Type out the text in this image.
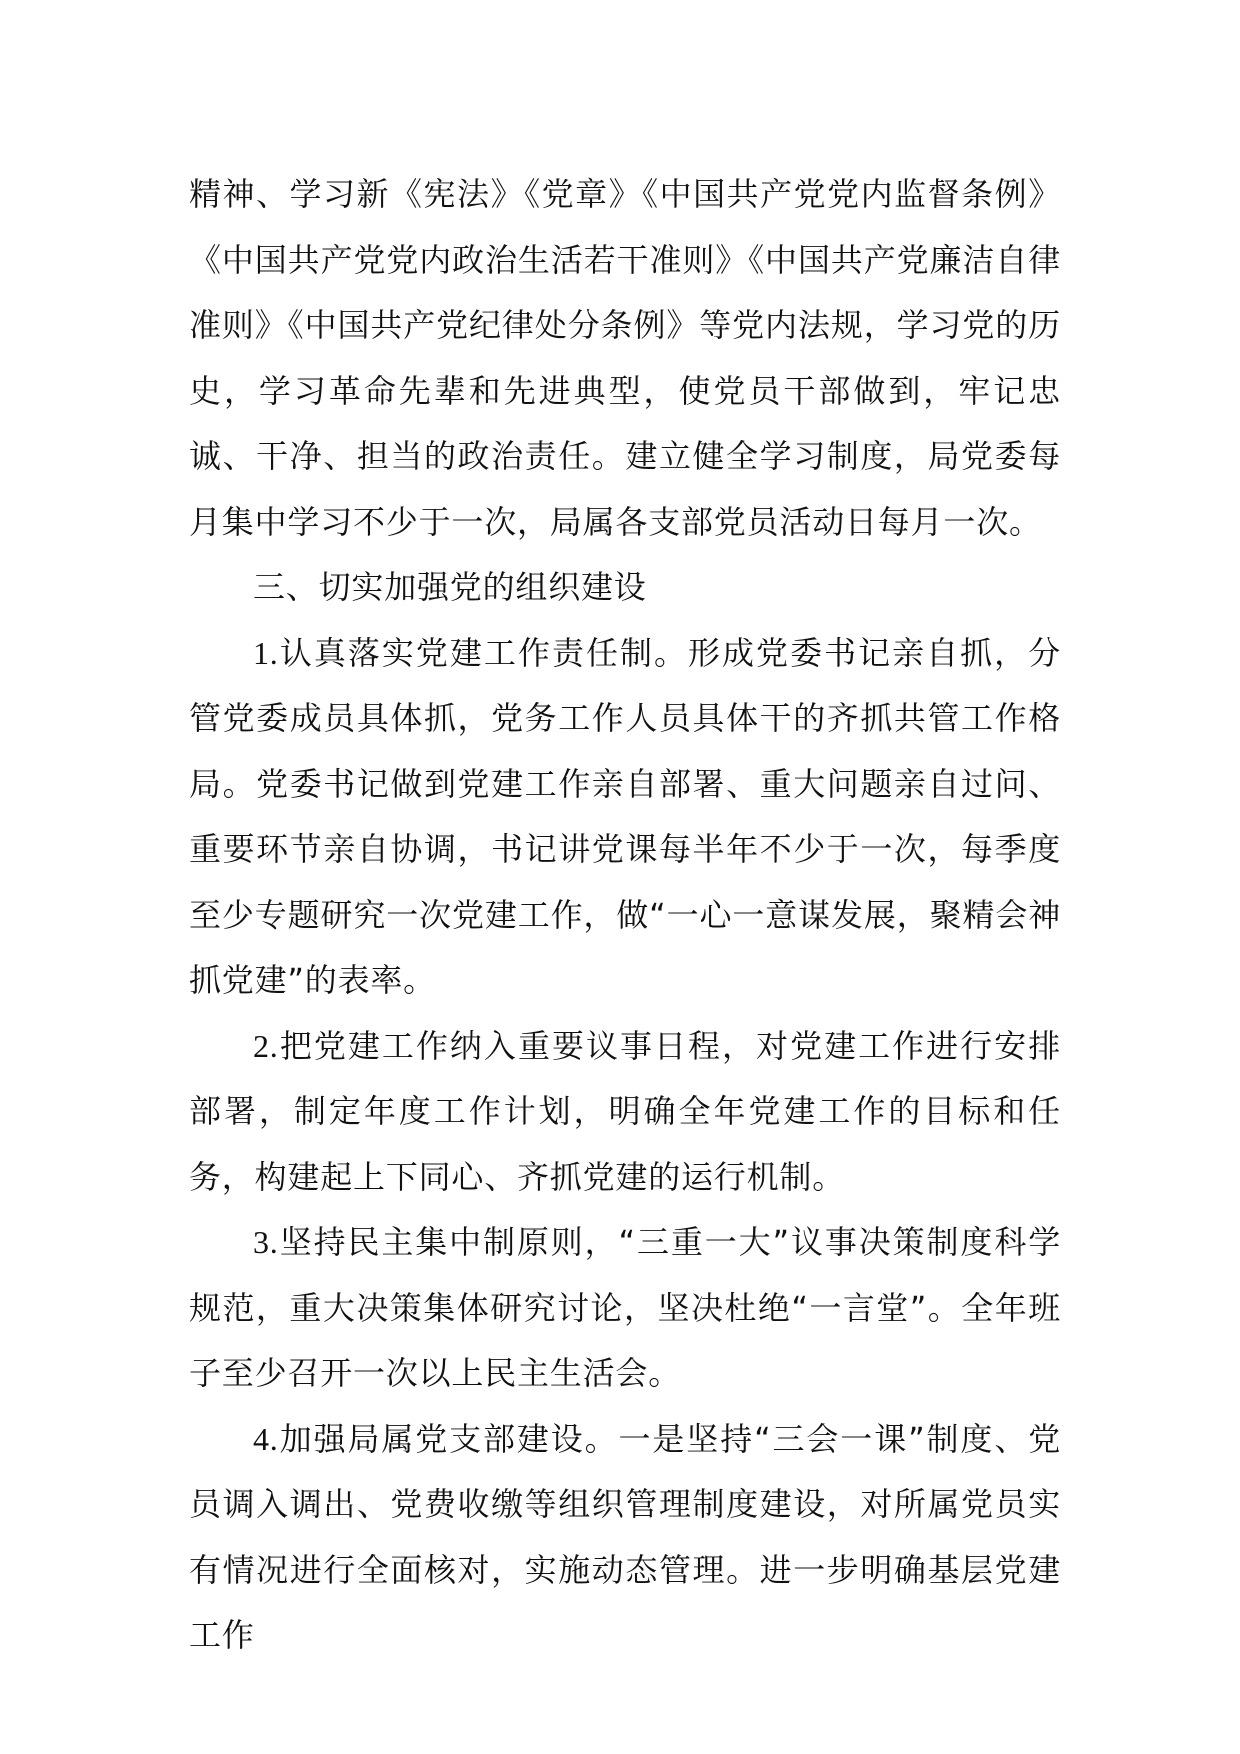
精神、学习新《宪法》《党章》《中国共产党党内监督条例》《中国共产党党内政治生活若干准则》《中国共产党廉洁自律准则》《中国共产党纪律处分条例》等党内法规，学习党的历史，学习革命先辈和先进典型，使党员干部做到，牢记忠诚、干净、担当的政治责任。建立健全学习制度，局党委每月集中学习不少于一次，局属各支部党员活动日每月一次。

三、切实加强党的组织建设

1.认真落实党建工作责任制。形成党委书记亲自抓，分管党委成员具体抓，党务工作人员具体干的齐抓共管工作格局。党委书记做到党建工作亲自部署、重大问题亲自过问、重要环节亲自协调，书记讲党课每半年不少于一次，每季度至少专题研究一次党建工作，做“一心一意谋发展，聚精会神抓党建”的表率。

2.把党建工作纳入重要议事日程，对党建工作进行安排部署，制定年度工作计划，明确全年党建工作的目标和任务，构建起上下同心、齐抓党建的运行机制。

3.坚持民主集中制原则，“三重一大”议事决策制度科学规范，重大决策集体研究讨论，坚决杜绝“一言堂”。全年班子至少召开一次以上民主生活会。

4.加强局属党支部建设。一是坚持“三会一课”制度、党员调入调出、党费收缴等组织管理制度建设，对所属党员实有情况进行全面核对，实施动态管理。进一步明确基层党建工作
